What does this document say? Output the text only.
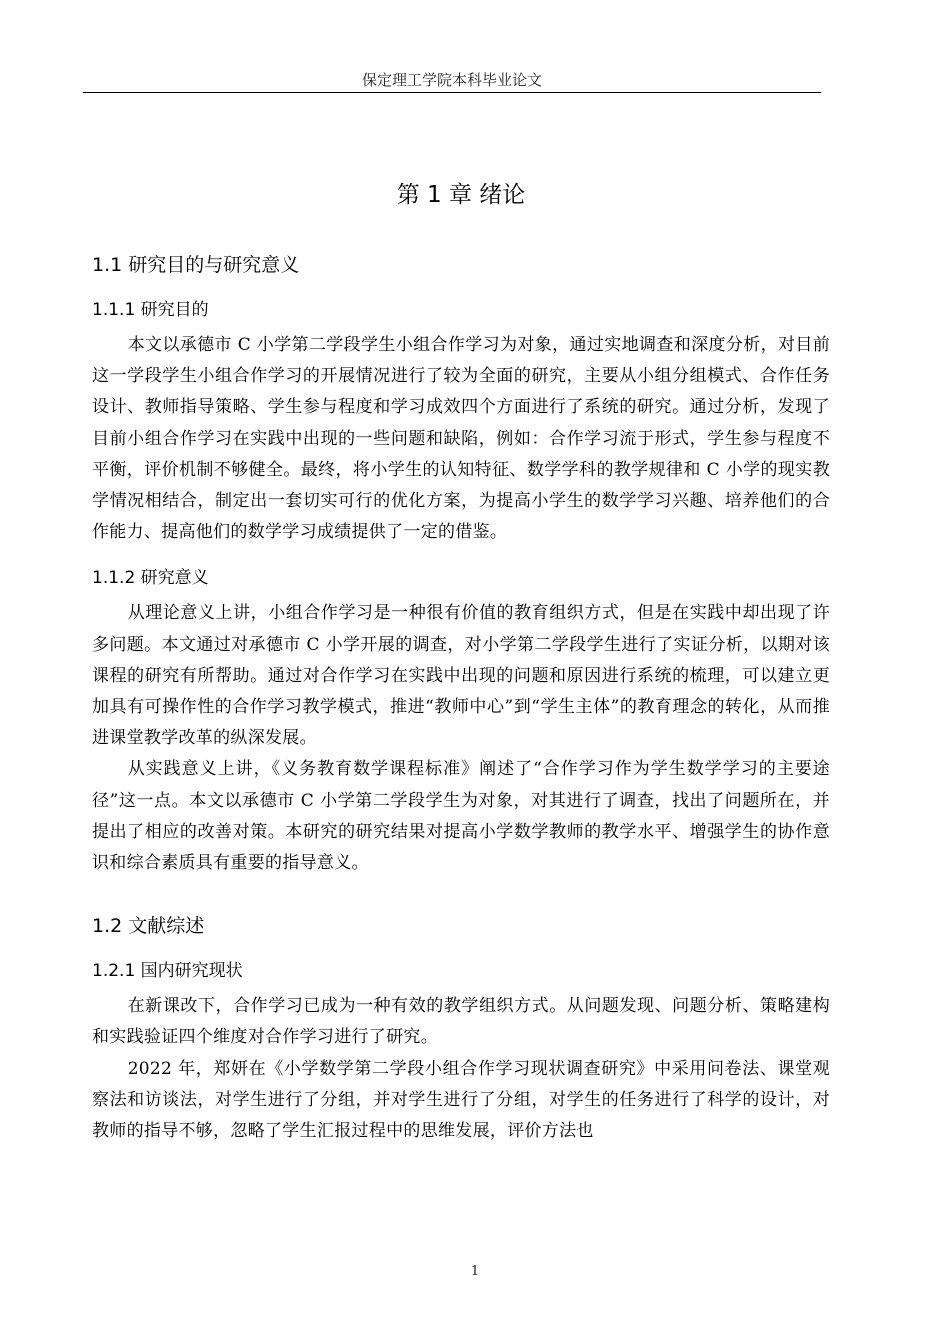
保定理工学院本科毕业论文
第 1 章 绪论
1.1 研究目的与研究意义
1.1.1 研究目的

本文以承德市 C 小学第二学段学生小组合作学习为对象，通过实地调查和深度分析，对目前这一学段学生小组合作学习的开展情况进行了较为全面的研究，主要从小组分组模式、合作任务设计、教师指导策略、学生参与程度和学习成效四个方面进行了系统的研究。通过分析，发现了目前小组合作学习在实践中出现的一些问题和缺陷，例如：合作学习流于形式，学生参与程度不平衡，评价机制不够健全。最终，将小学生的认知特征、数学学科的教学规律和 C 小学的现实教学情况相结合，制定出一套切实可行的优化方案，为提高小学生的数学学习兴趣、培养他们的合作能力、提高他们的数学学习成绩提供了一定的借鉴。

1.1.2 研究意义

从理论意义上讲，小组合作学习是一种很有价值的教育组织方式，但是在实践中却出现了许多问题。本文通过对承德市 C 小学开展的调查，对小学第二学段学生进行了实证分析，以期对该课程的研究有所帮助。通过对合作学习在实践中出现的问题和原因进行系统的梳理，可以建立更加具有可操作性的合作学习教学模式，推进“教师中心”到“学生主体”的教育理念的转化，从而推进课堂教学改革的纵深发展。

从实践意义上讲，《义务教育数学课程标准》阐述了“合作学习作为学生数学学习的主要途径”这一点。本文以承德市 C 小学第二学段学生为对象，对其进行了调查，找出了问题所在，并提出了相应的改善对策。本研究的研究结果对提高小学数学教师的教学水平、增强学生的协作意识和综合素质具有重要的指导意义。

1.2 文献综述
1.2.1 国内研究现状

在新课改下，合作学习已成为一种有效的教学组织方式。从问题发现、问题分析、策略建构和实践验证四个维度对合作学习进行了研究。

2022 年，郑妍在《小学数学第二学段小组合作学习现状调查研究》中采用问卷法、课堂观察法和访谈法，对学生进行了分组，并对学生进行了分组，对学生的任务进行了科学的设计，对教师的指导不够，忽略了学生汇报过程中的思维发展，评价方法也

1
